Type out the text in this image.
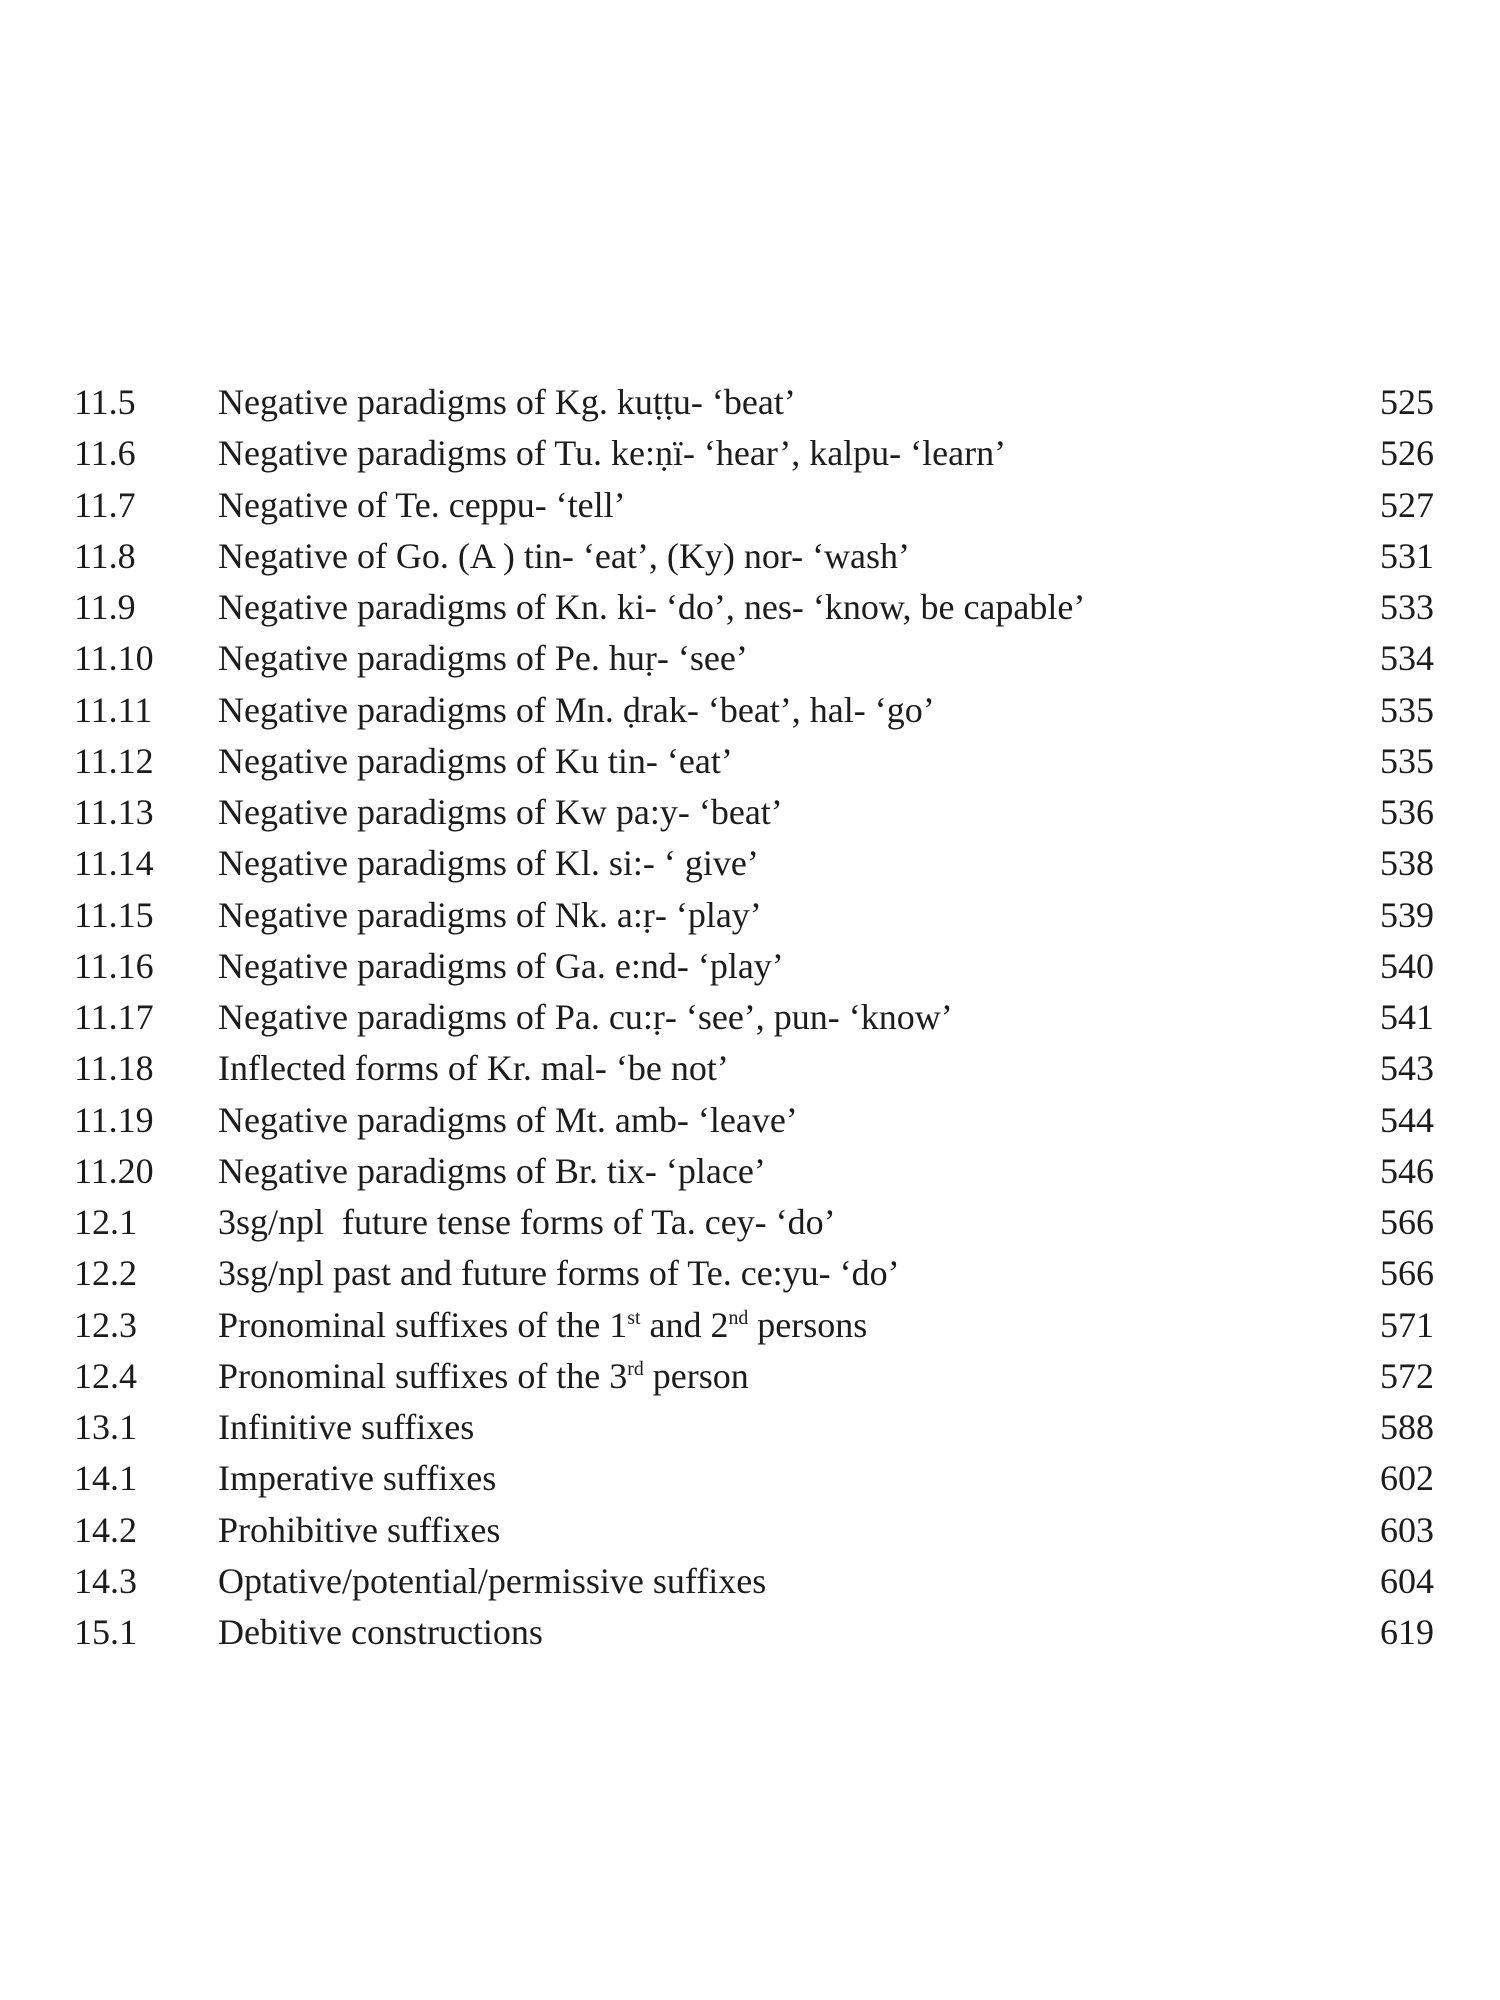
11.5 Negative paradigms of Kg. kuṭṭu- ‘beat’	525
11.6 Negative paradigms of Tu. ke:ṇï- ‘hear’, kalpu- ‘learn’	526
11.7 Negative of Te. ceppu- ‘tell’	527
11.8 Negative of Go. (A ) tin- ‘eat’, (Ky) nor- ‘wash’	531
11.9 Negative paradigms of Kn. ki- ‘do’, nes- ‘know, be capable’	533
11.10 Negative paradigms of Pe. huṛ- ‘see’	534
11.11 Negative paradigms of Mn. ḍrak- ‘beat’, hal- ‘go’	535
11.12 Negative paradigms of Ku tin- ‘eat’	535
11.13 Negative paradigms of Kw pa:y- ‘beat’	536
11.14 Negative paradigms of Kl. si:- ‘ give’	538
11.15 Negative paradigms of Nk. a:ṛ- ‘play’	539
11.16 Negative paradigms of Ga. e:nd- ‘play’	540
11.17 Negative paradigms of Pa. cu:ṛ- ‘see’, pun- ‘know’	541
11.18 Inflected forms of Kr. mal- ‘be not’	543
11.19 Negative paradigms of Mt. amb- ‘leave’	544
11.20 Negative paradigms of Br. tix- ‘place’	546
12.1 3sg/npl  future tense forms of Ta. cey- ‘do’	566
12.2 3sg/npl past and future forms of Te. ce:yu- ‘do’	566
12.3 Pronominal suffixes of the 1st and 2nd persons	571
12.4 Pronominal suffixes of the 3rd person	572
13.1 Infinitive suffixes	588
14.1 Imperative suffixes	602
14.2 Prohibitive suffixes	603
14.3 Optative/potential/permissive suffixes	604
15.1 Debitive constructions	619
